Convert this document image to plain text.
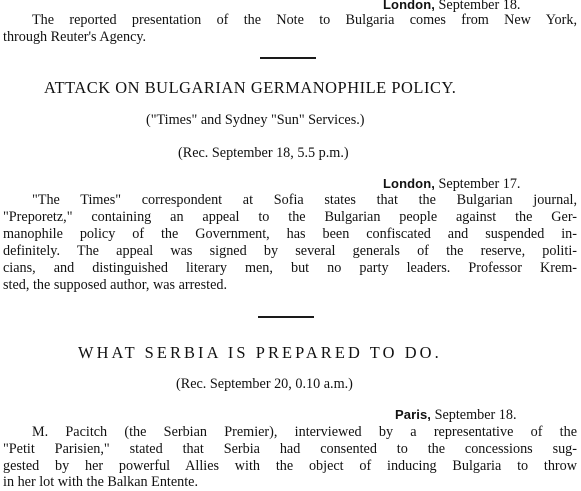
London, September 18.
The reported presentation of the Note to Bulgaria comes from New York,
through Reuter's Agency.
ATTACK ON BULGARIAN GERMANOPHILE POLICY.
("Times" and Sydney "Sun" Services.)
(Rec. September 18, 5.5 p.m.)
London, September 17.
"The Times" correspondent at Sofia states that the Bulgarian journal,
"Preporetz," containing an appeal to the Bulgarian people against the Ger-
manophile policy of the Government, has been confiscated and suspended in-
definitely. The appeal was signed by several generals of the reserve, politi-
cians, and distinguished literary men, but no party leaders. Professor Krem-
sted, the supposed author, was arrested.
WHAT SERBIA IS PREPARED TO DO.
(Rec. September 20, 0.10 a.m.)
Paris, September 18.
M. Pacitch (the Serbian Premier), interviewed by a representative of the
"Petit Parisien," stated that Serbia had consented to the concessions sug-
gested by her powerful Allies with the object of inducing Bulgaria to throw
in her lot with the Balkan Entente.
